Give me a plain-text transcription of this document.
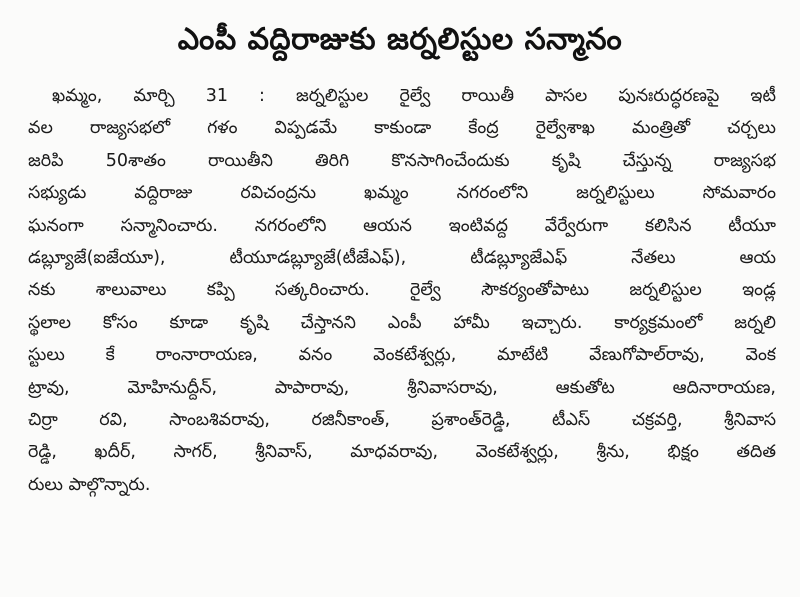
ఎంపీ వద్దిరాజుకు జర్నలిస్టుల సన్మానం
ఖమ్మం, మార్చి 31 : జర్నలిస్టుల రైల్వే రాయితీ పాసల పునఃరుద్ధరణపై ఇటీ
వల రాజ్యసభలో గళం విప్పడమే కాకుండా కేంద్ర రైల్వేశాఖ మంత్రితో చర్చలు
జరిపి 50శాతం రాయితీని తిరిగి కొనసాగించేందుకు కృషి చేస్తున్న రాజ్యసభ
సభ్యుడు వద్దిరాజు రవిచంద్రను ఖమ్మం నగరంలోని జర్నలిస్టులు సోమవారం
ఘనంగా సన్మానించారు. నగరంలోని ఆయన ఇంటివద్ద వేర్వేరుగా కలిసిన టీయూ
డబ్ల్యూజే(ఐజేయూ), టీయూడబ్ల్యూజే(టీజేఎఫ్), టీడబ్ల్యూజేఎఫ్ నేతలు ఆయ
నకు శాలువాలు కప్పి సత్కరించారు. రైల్వే సౌకర్యంతోపాటు జర్నలిస్టుల ఇండ్ల
స్థలాల కోసం కూడా కృషి చేస్తానని ఎంపీ హామీ ఇచ్చారు. కార్యక్రమంలో జర్నలి
స్టులు కే రాంనారాయణ, వనం వెంకటేశ్వర్లు, మాటేటి వేణుగోపాల్‌రావు, వెంక
ట్రావు, మోహినుద్దీన్, పాపారావు, శ్రీనివాసరావు, ఆకుతోట ఆదినారాయణ,
చిర్రా రవి, సాంబశివరావు, రజినీకాంత్, ప్రశాంత్‌రెడ్డి, టీఎస్ చక్రవర్తి, శ్రీనివాస
రెడ్డి, ఖదీర్, సాగర్, శ్రీనివాస్, మాధవరావు, వెంకటేశ్వర్లు, శ్రీను, భిక్షం తదిత
రులు పాల్గొన్నారు.
